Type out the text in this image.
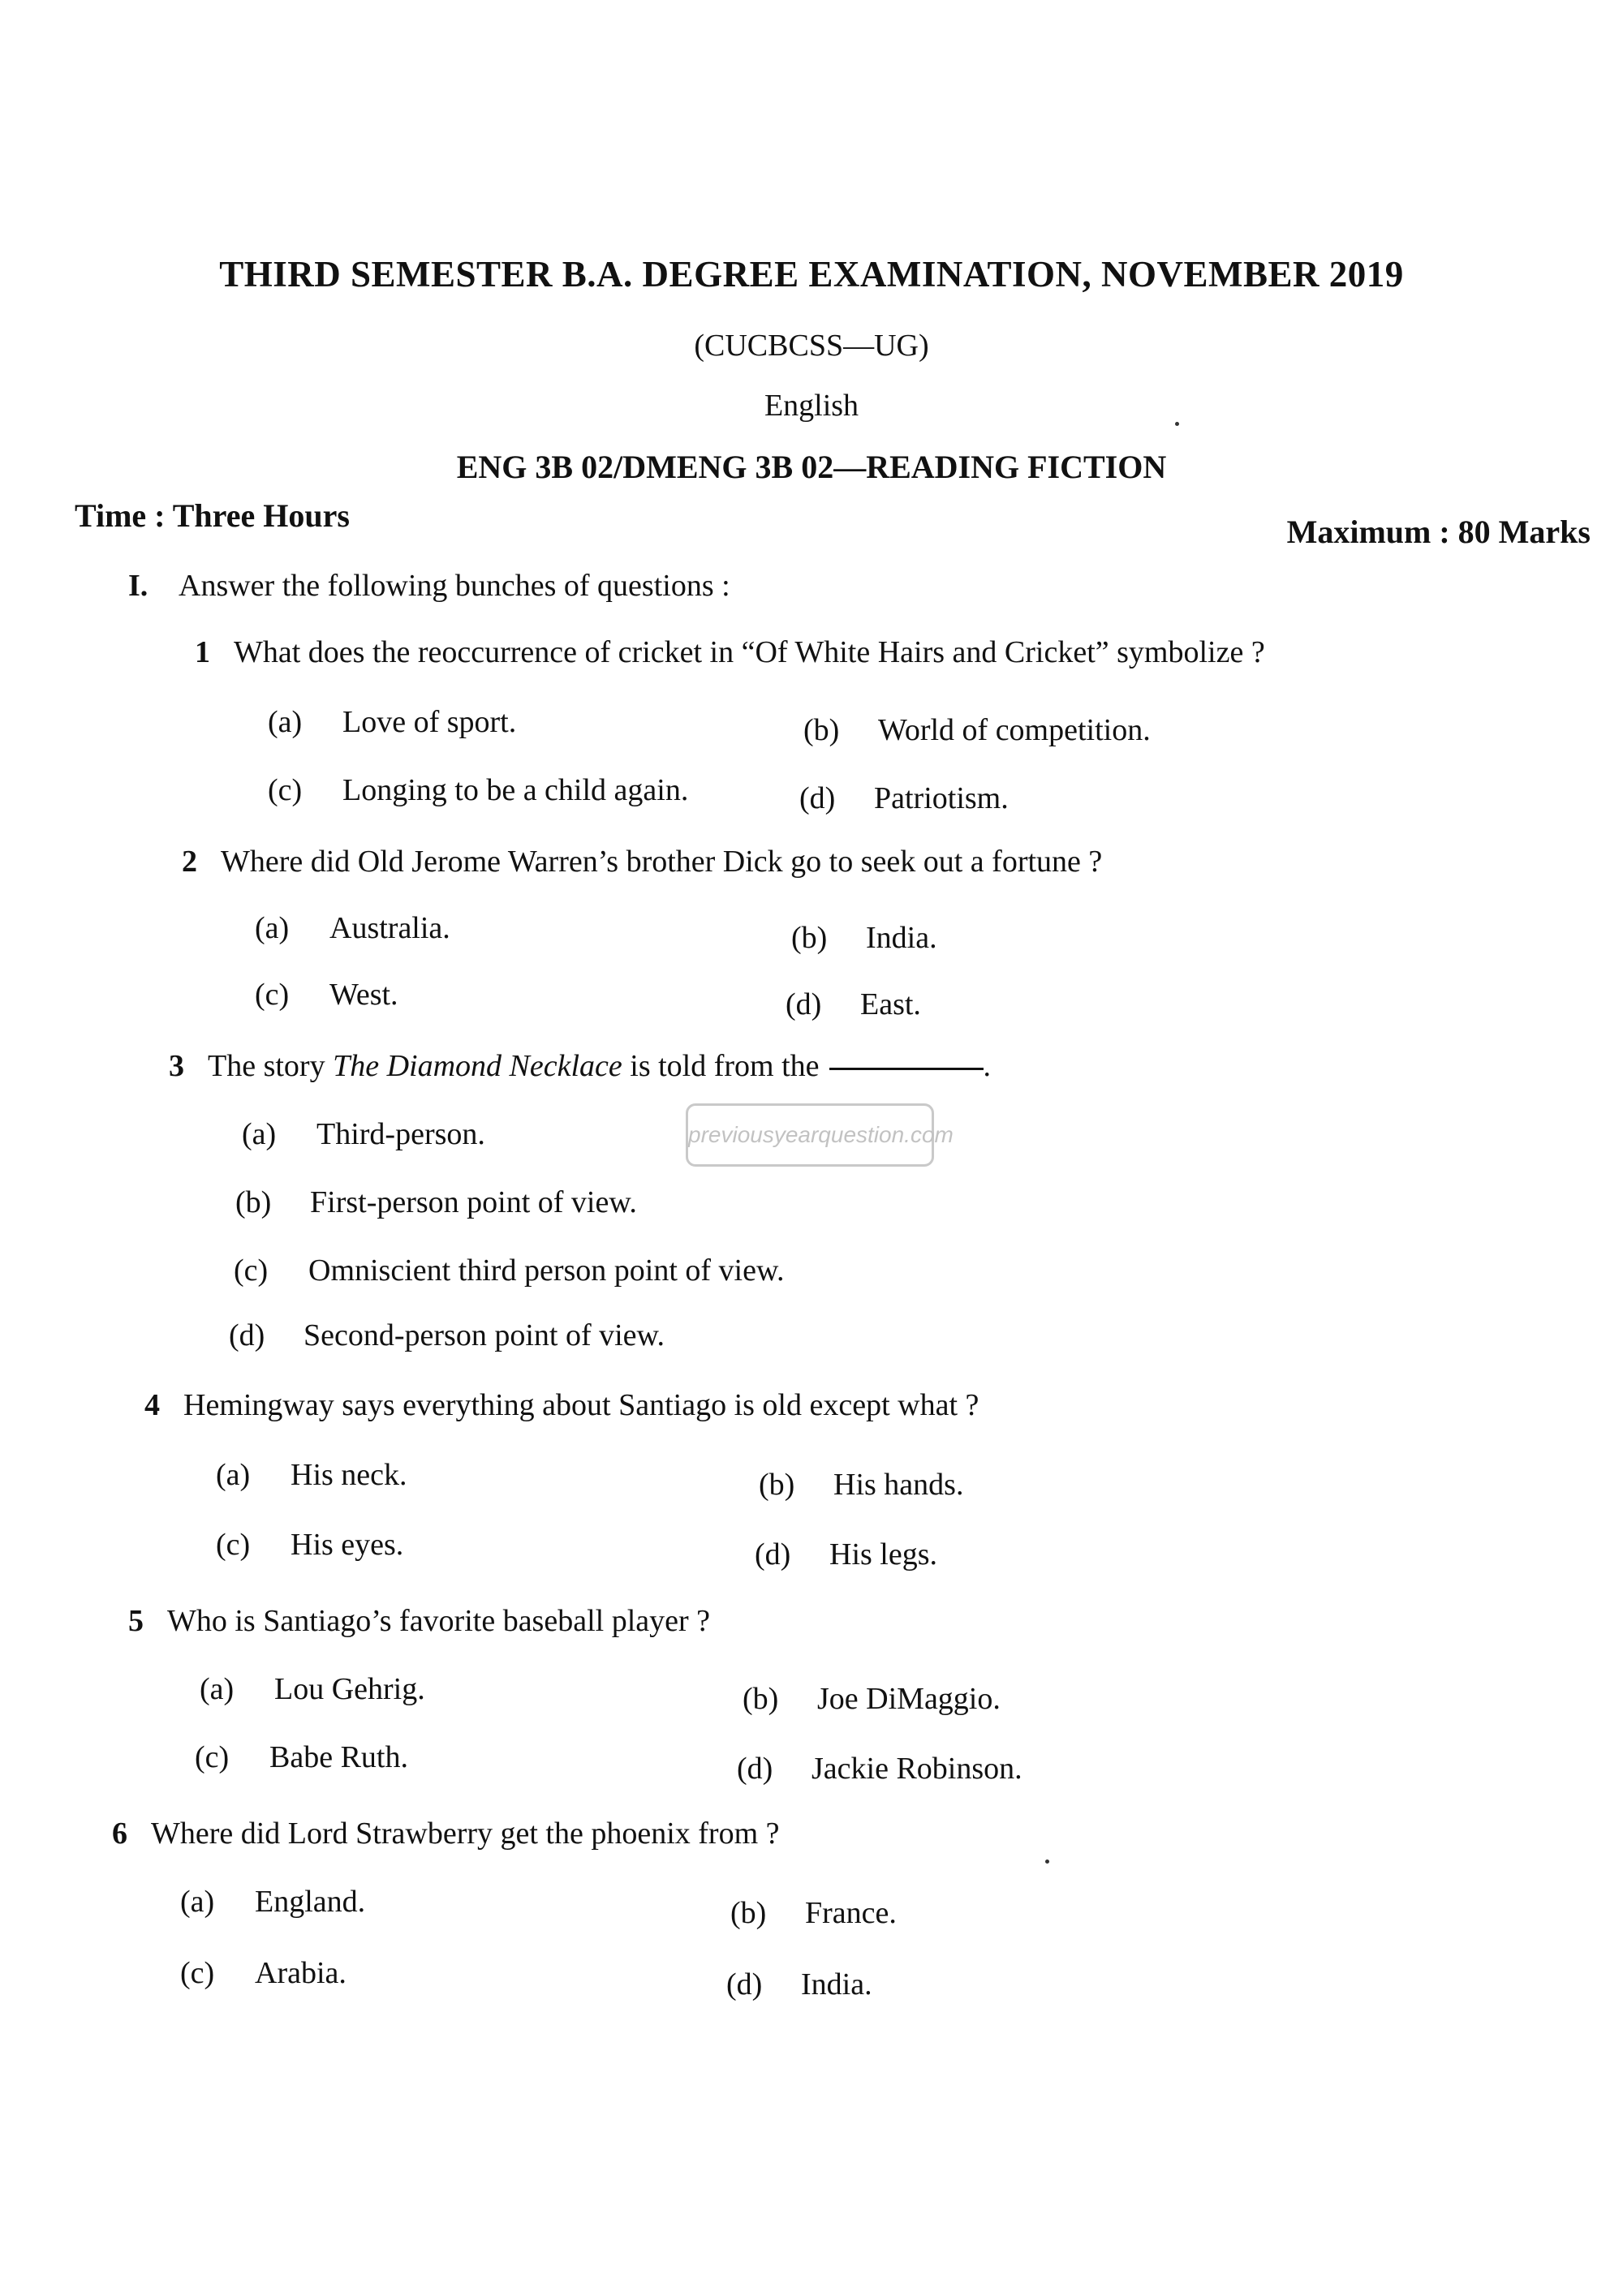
THIRD SEMESTER B.A. DEGREE EXAMINATION, NOVEMBER 2019
(CUCBCSS—UG)
English
ENG 3B 02/DMENG 3B 02—READING FICTION
Time : Three Hours	Maximum : 80 Marks
I. Answer the following bunches of questions :
1 What does the reoccurrence of cricket in “Of White Hairs and Cricket” symbolize ?
(a) Love of sport.	(b) World of competition.
(c) Longing to be a child again.	(d) Patriotism.
2 Where did Old Jerome Warren’s brother Dick go to seek out a fortune ?
(a) Australia.	(b) India.
(c) West.	(d) East.
3 The story The Diamond Necklace is told from the	.
(a) Third-person.
(b) First-person point of view.
(c) Omniscient third person point of view.
(d) Second-person point of view.
4 Hemingway says everything about Santiago is old except what ?
(a) His neck.	(b) His hands.
(c) His eyes.	(d) His legs.
5 Who is Santiago’s favorite baseball player ?
(a) Lou Gehrig.	(b) Joe DiMaggio.
(c) Babe Ruth.	(d) Jackie Robinson.
6 Where did Lord Strawberry get the phoenix from ?
(a) England.	(b) France.
(c) Arabia.	(d) India.
previousyearquestion.com
